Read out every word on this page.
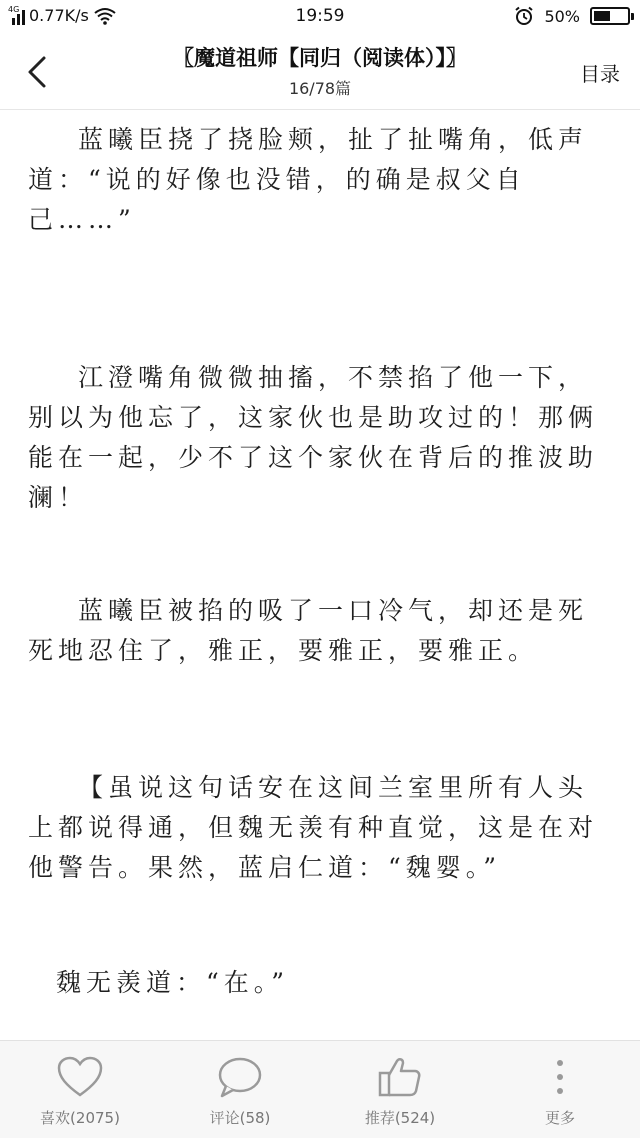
4G 0.77K/s	19:59	50%
〖魔道祖师【同归（阅读体）】〗
16/78篇
目录

蓝曦臣挠了挠脸颊，扯了扯嘴角，低声道：“说的好像也没错，的确是叔父自己……”

江澄嘴角微微抽搐，不禁掐了他一下，别以为他忘了，这家伙也是助攻过的！那俩能在一起，少不了这个家伙在背后的推波助澜！

蓝曦臣被掐的吸了一口冷气，却还是死死地忍住了，雅正，要雅正，要雅正。

【虽说这句话安在这间兰室里所有人头上都说得通，但魏无羡有种直觉，这是在对他警告。果然，蓝启仁道：“魏婴。”

魏无羡道：“在。”

喜欢(2075)	评论(58)	推荐(524)	更多
